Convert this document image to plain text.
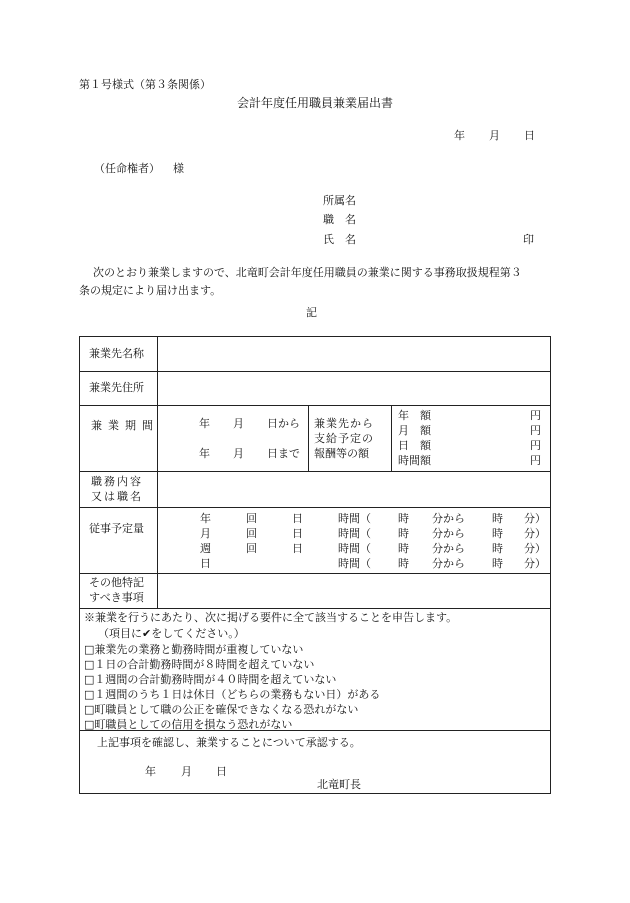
第１号様式（第３条関係）
会計年度任用職員兼業届出書
年 月 日
（任命権者） 様
所属名
職　名
氏　名	印
次のとおり兼業しますので、北竜町会計年度任用職員の兼業に関する事務取扱規程第３
条の規定により届け出ます。
記
兼業先名称
兼業先住所
兼業期間	年 月 日から
年 月 日まで
兼業先から
支給予定の
報酬等の額
年　額	円
月　額	円
日　額	円
時間額	円
職務内容
又は職名
従事予定量
年	回	日	時間（ 時 分から 時 分）
月	回	日	時間（ 時 分から 時 分）
週	回	日	時間（ 時 分から 時 分）
日	時間（ 時 分から 時 分）
その他特記
すべき事項
※兼業を行うにあたり、次に掲げる要件に全て該当することを申告します。
（項目に✔をしてください。）
□兼業先の業務と勤務時間が重複していない
□１日の合計勤務時間が８時間を超えていない
□１週間の合計勤務時間が４０時間を超えていない
□１週間のうち１日は休日（どちらの業務もない日）がある
□町職員として職の公正を確保できなくなる恐れがない
□町職員としての信用を損なう恐れがない
上記事項を確認し、兼業することについて承認する。
年 月 日
北竜町長
